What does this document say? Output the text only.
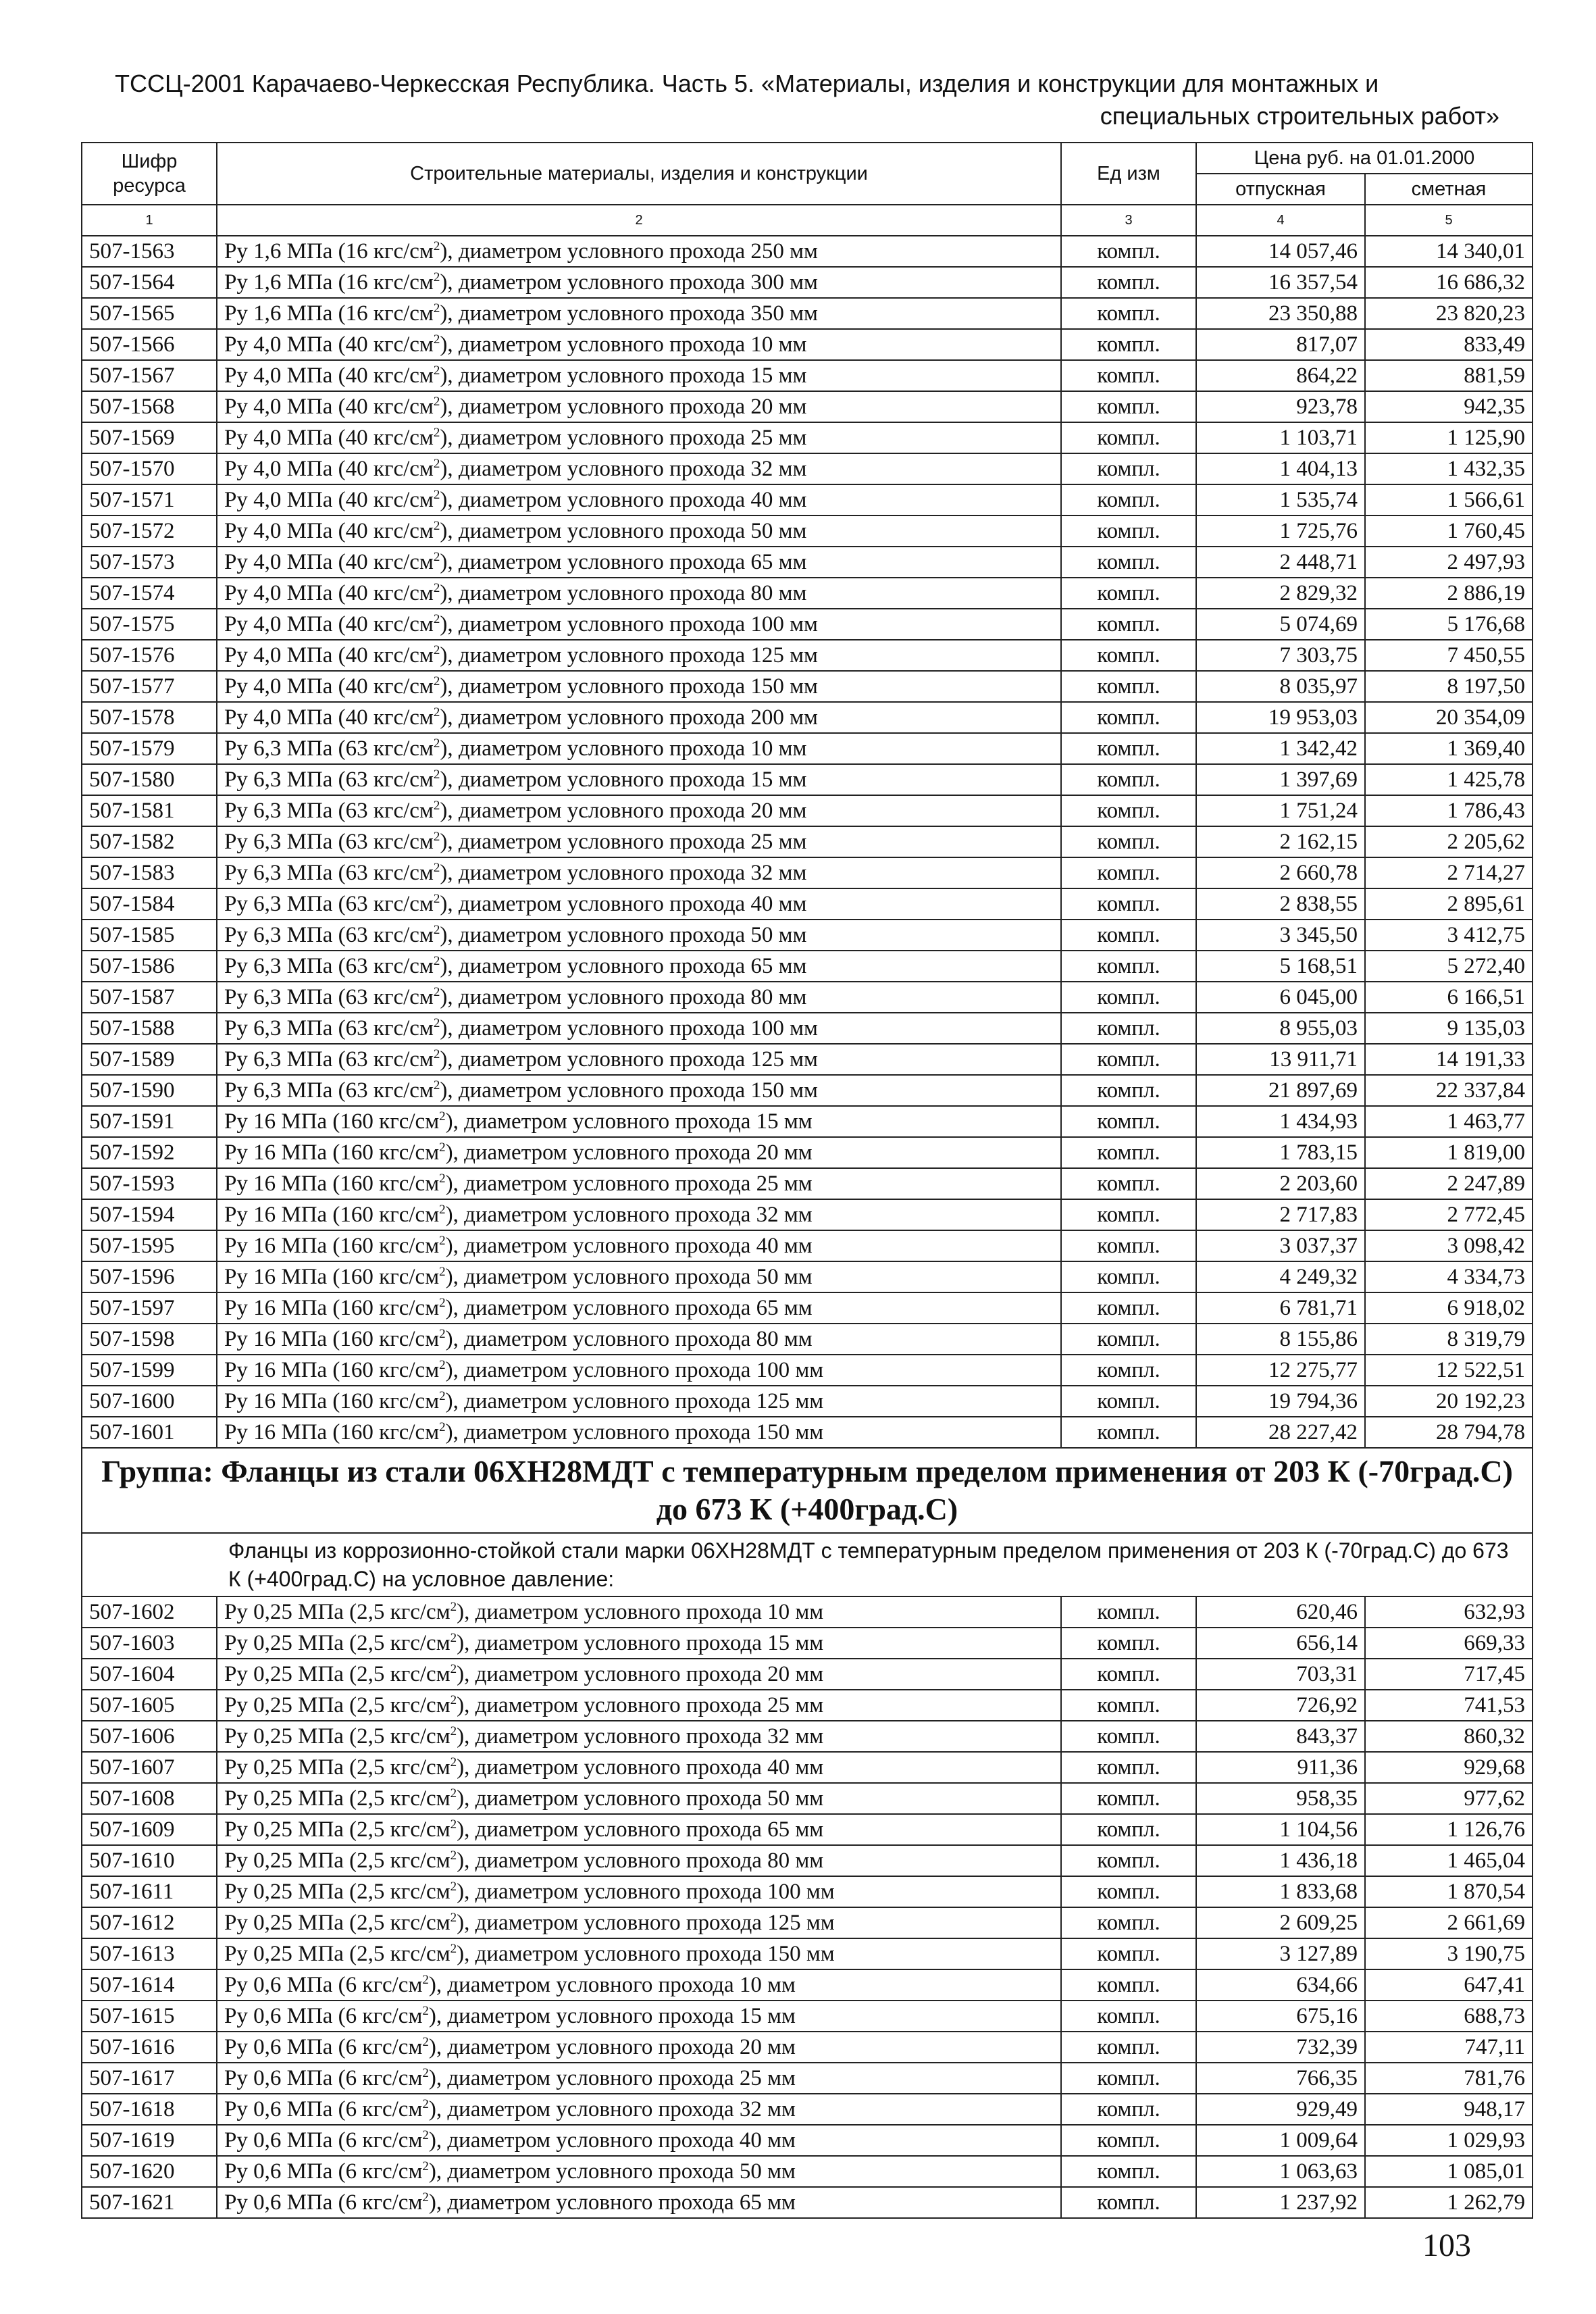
ТССЦ-2001 Карачаево-Черкесская Республика. Часть 5. «Материалы, изделия и конструкции для монтажных и
специальных строительных работ»
Шифр ресурса	Строительные материалы, изделия и конструкции	Ед изм	Цена руб. на 01.01.2000	
			отпускная	сметная
1	2	3	4	5
507-1563	Ру 1,6 МПа (16 кгс/$см^2$), диаметром условного прохода 250 мм	компл.	14 057,46	14 340,01
507-1564	Ру 1,6 МПа (16 кгс/$см^2$), диаметром условного прохода 300 мм	компл.	16 357,54	16 686,32
507-1565	Ру 1,6 МПа (16 кгс/$см^2$), диаметром условного прохода 350 мм	компл.	23 350,88	23 820,23
507-1566	Ру 4,0 МПа (40 кгс/$см^2$), диаметром условного прохода 10 мм	компл.	817,07	833,49
507-1567	Ру 4,0 МПа (40 кгс/$см^2$), диаметром условного прохода 15 мм	компл.	864,22	881,59
507-1568	Ру 4,0 МПа (40 кгс/$см^2$), диаметром условного прохода 20 мм	компл.	923,78	942,35
507-1569	Ру 4,0 МПа (40 кгс/$см^2$), диаметром условного прохода 25 мм	компл.	1 103,71	1 125,90
507-1570	Ру 4,0 МПа (40 кгс/$см^2$), диаметром условного прохода 32 мм	компл.	1 404,13	1 432,35
507-1571	Ру 4,0 МПа (40 кгс/$см^2$), диаметром условного прохода 40 мм	компл.	1 535,74	1 566,61
507-1572	Ру 4,0 МПа (40 кгс/$см^2$), диаметром условного прохода 50 мм	компл.	1 725,76	1 760,45
507-1573	Ру 4,0 МПа (40 кгс/$см^2$), диаметром условного прохода 65 мм	компл.	2 448,71	2 497,93
507-1574	Ру 4,0 МПа (40 кгс/$см^2$), диаметром условного прохода 80 мм	компл.	2 829,32	2 886,19
507-1575	Ру 4,0 МПа (40 кгс/$см^2$), диаметром условного прохода 100 мм	компл.	5 074,69	5 176,68
507-1576	Ру 4,0 МПа (40 кгс/$см^2$), диаметром условного прохода 125 мм	компл.	7 303,75	7 450,55
507-1577	Ру 4,0 МПа (40 кгс/$см^2$), диаметром условного прохода 150 мм	компл.	8 035,97	8 197,50
507-1578	Ру 4,0 МПа (40 кгс/$см^2$), диаметром условного прохода 200 мм	компл.	19 953,03	20 354,09
507-1579	Ру 6,3 МПа (63 кгс/$см^2$), диаметром условного прохода 10 мм	компл.	1 342,42	1 369,40
507-1580	Ру 6,3 МПа (63 кгс/$см^2$), диаметром условного прохода 15 мм	компл.	1 397,69	1 425,78
507-1581	Ру 6,3 МПа (63 кгс/$см^2$), диаметром условного прохода 20 мм	компл.	1 751,24	1 786,43
507-1582	Ру 6,3 МПа (63 кгс/$см^2$), диаметром условного прохода 25 мм	компл.	2 162,15	2 205,62
507-1583	Ру 6,3 МПа (63 кгс/$см^2$), диаметром условного прохода 32 мм	компл.	2 660,78	2 714,27
507-1584	Ру 6,3 МПа (63 кгс/$см^2$), диаметром условного прохода 40 мм	компл.	2 838,55	2 895,61
507-1585	Ру 6,3 МПа (63 кгс/$см^2$), диаметром условного прохода 50 мм	компл.	3 345,50	3 412,75
507-1586	Ру 6,3 МПа (63 кгс/$см^2$), диаметром условного прохода 65 мм	компл.	5 168,51	5 272,40
507-1587	Ру 6,3 МПа (63 кгс/$см^2$), диаметром условного прохода 80 мм	компл.	6 045,00	6 166,51
507-1588	Ру 6,3 МПа (63 кгс/$см^2$), диаметром условного прохода 100 мм	компл.	8 955,03	9 135,03
507-1589	Ру 6,3 МПа (63 кгс/$см^2$), диаметром условного прохода 125 мм	компл.	13 911,71	14 191,33
507-1590	Ру 6,3 МПа (63 кгс/$см^2$), диаметром условного прохода 150 мм	компл.	21 897,69	22 337,84
507-1591	Ру 16 МПа (160 кгс/$см^2$), диаметром условного прохода 15 мм	компл.	1 434,93	1 463,77
507-1592	Ру 16 МПа (160 кгс/$см^2$), диаметром условного прохода 20 мм	компл.	1 783,15	1 819,00
507-1593	Ру 16 МПа (160 кгс/$см^2$), диаметром условного прохода 25 мм	компл.	2 203,60	2 247,89
507-1594	Ру 16 МПа (160 кгс/$см^2$), диаметром условного прохода 32 мм	компл.	2 717,83	2 772,45
507-1595	Ру 16 МПа (160 кгс/$см^2$), диаметром условного прохода 40 мм	компл.	3 037,37	3 098,42
507-1596	Ру 16 МПа (160 кгс/$см^2$), диаметром условного прохода 50 мм	компл.	4 249,32	4 334,73
507-1597	Ру 16 МПа (160 кгс/$см^2$), диаметром условного прохода 65 мм	компл.	6 781,71	6 918,02
507-1598	Ру 16 МПа (160 кгс/$см^2$), диаметром условного прохода 80 мм	компл.	8 155,86	8 319,79
507-1599	Ру 16 МПа (160 кгс/$см^2$), диаметром условного прохода 100 мм	компл.	12 275,77	12 522,51
507-1600	Ру 16 МПа (160 кгс/$см^2$), диаметром условного прохода 125 мм	компл.	19 794,36	20 192,23
507-1601	Ру 16 МПа (160 кгс/$см^2$), диаметром условного прохода 150 мм	компл.	28 227,42	28 794,78
Группа: Фланцы из стали 06ХН28МДТ с температурным пределом применения от 203 К (-70град.С) до 673 К (+400град.С)				
Фланцы из коррозионно-стойкой стали марки 06ХН28МДТ с температурным пределом применения от 203 К (-70град.С) до 673 К (+400град.С) на условное давление:				
507-1602	Ру 0,25 МПа (2,5 кгс/$см^2$), диаметром условного прохода 10 мм	компл.	620,46	632,93
507-1603	Ру 0,25 МПа (2,5 кгс/$см^2$), диаметром условного прохода 15 мм	компл.	656,14	669,33
507-1604	Ру 0,25 МПа (2,5 кгс/$см^2$), диаметром условного прохода 20 мм	компл.	703,31	717,45
507-1605	Ру 0,25 МПа (2,5 кгс/$см^2$), диаметром условного прохода 25 мм	компл.	726,92	741,53
507-1606	Ру 0,25 МПа (2,5 кгс/$см^2$), диаметром условного прохода 32 мм	компл.	843,37	860,32
507-1607	Ру 0,25 МПа (2,5 кгс/$см^2$), диаметром условного прохода 40 мм	компл.	911,36	929,68
507-1608	Ру 0,25 МПа (2,5 кгс/$см^2$), диаметром условного прохода 50 мм	компл.	958,35	977,62
507-1609	Ру 0,25 МПа (2,5 кгс/$см^2$), диаметром условного прохода 65 мм	компл.	1 104,56	1 126,76
507-1610	Ру 0,25 МПа (2,5 кгс/$см^2$), диаметром условного прохода 80 мм	компл.	1 436,18	1 465,04
507-1611	Ру 0,25 МПа (2,5 кгс/$см^2$), диаметром условного прохода 100 мм	компл.	1 833,68	1 870,54
507-1612	Ру 0,25 МПа (2,5 кгс/$см^2$), диаметром условного прохода 125 мм	компл.	2 609,25	2 661,69
507-1613	Ру 0,25 МПа (2,5 кгс/$см^2$), диаметром условного прохода 150 мм	компл.	3 127,89	3 190,75
507-1614	Ру 0,6 МПа (6 кгс/$см^2$), диаметром условного прохода 10 мм	компл.	634,66	647,41
507-1615	Ру 0,6 МПа (6 кгс/$см^2$), диаметром условного прохода 15 мм	компл.	675,16	688,73
507-1616	Ру 0,6 МПа (6 кгс/$см^2$), диаметром условного прохода 20 мм	компл.	732,39	747,11
507-1617	Ру 0,6 МПа (6 кгс/$см^2$), диаметром условного прохода 25 мм	компл.	766,35	781,76
507-1618	Ру 0,6 МПа (6 кгс/$см^2$), диаметром условного прохода 32 мм	компл.	929,49	948,17
507-1619	Ру 0,6 МПа (6 кгс/$см^2$), диаметром условного прохода 40 мм	компл.	1 009,64	1 029,93
507-1620	Ру 0,6 МПа (6 кгс/$см^2$), диаметром условного прохода 50 мм	компл.	1 063,63	1 085,01
507-1621	Ру 0,6 МПа (6 кгс/$см^2$), диаметром условного прохода 65 мм	компл.	1 237,92	1 262,79
103
